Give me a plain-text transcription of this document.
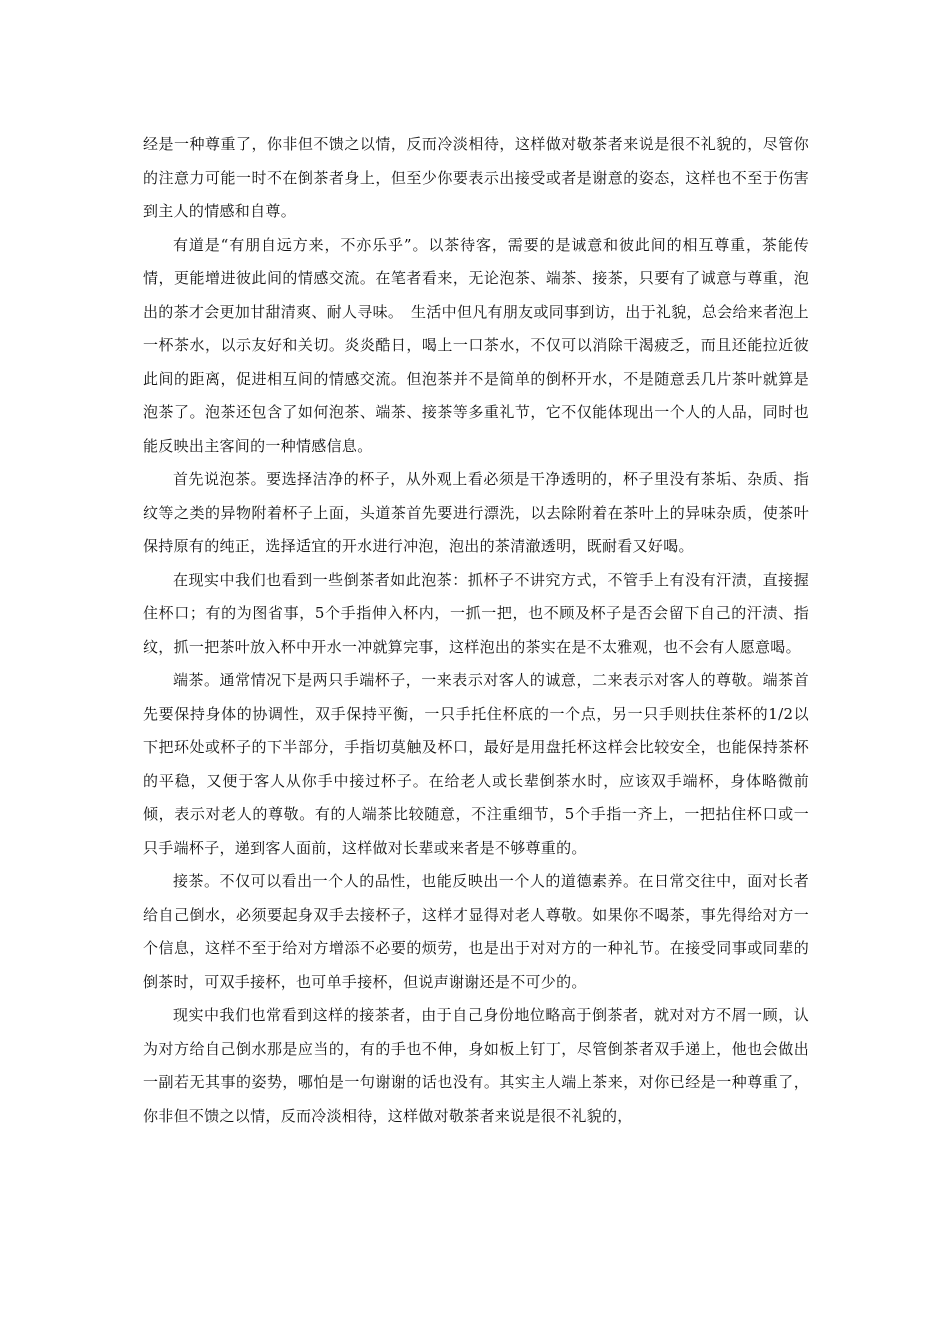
经是一种尊重了，你非但不馈之以情，反而冷淡相待，这样做对敬茶者来说是很不礼貌的，尽管你的注意力可能一时不在倒茶者身上，但至少你要表示出接受或者是谢意的姿态，这样也不至于伤害到主人的情感和自尊。

有道是“有朋自远方来，不亦乐乎”。以茶待客，需要的是诚意和彼此间的相互尊重，茶能传情，更能增进彼此间的情感交流。在笔者看来，无论泡茶、端茶、接茶，只要有了诚意与尊重，泡出的茶才会更加甘甜清爽、耐人寻味。　生活中但凡有朋友或同事到访，出于礼貌，总会给来者泡上一杯茶水，以示友好和关切。炎炎酷日，喝上一口茶水，不仅可以消除干渴疲乏，而且还能拉近彼此间的距离，促进相互间的情感交流。但泡茶并不是简单的倒杯开水，不是随意丢几片茶叶就算是泡茶了。泡茶还包含了如何泡茶、端茶、接茶等多重礼节，它不仅能体现出一个人的人品，同时也能反映出主客间的一种情感信息。

首先说泡茶。要选择洁净的杯子，从外观上看必须是干净透明的，杯子里没有茶垢、杂质、指纹等之类的异物附着杯子上面，头道茶首先要进行漂洗，以去除附着在茶叶上的异味杂质，使茶叶保持原有的纯正，选择适宜的开水进行冲泡，泡出的茶清澈透明，既耐看又好喝。

在现实中我们也看到一些倒茶者如此泡茶：抓杯子不讲究方式，不管手上有没有汗渍，直接握住杯口；有的为图省事，5个手指伸入杯内，一抓一把，也不顾及杯子是否会留下自己的汗渍、指纹，抓一把茶叶放入杯中开水一冲就算完事，这样泡出的茶实在是不太雅观，也不会有人愿意喝。

端茶。通常情况下是两只手端杯子，一来表示对客人的诚意，二来表示对客人的尊敬。端茶首先要保持身体的协调性，双手保持平衡，一只手托住杯底的一个点，另一只手则扶住茶杯的1/2以下把环处或杯子的下半部分，手指切莫触及杯口，最好是用盘托杯这样会比较安全，也能保持茶杯的平稳，又便于客人从你手中接过杯子。在给老人或长辈倒茶水时，应该双手端杯，身体略微前倾，表示对老人的尊敬。有的人端茶比较随意，不注重细节，5个手指一齐上，一把拈住杯口或一只手端杯子，递到客人面前，这样做对长辈或来者是不够尊重的。

接茶。不仅可以看出一个人的品性，也能反映出一个人的道德素养。在日常交往中，面对长者给自己倒水，必须要起身双手去接杯子，这样才显得对老人尊敬。如果你不喝茶，事先得给对方一个信息，这样不至于给对方增添不必要的烦劳，也是出于对对方的一种礼节。在接受同事或同辈的倒茶时，可双手接杯，也可单手接杯，但说声谢谢还是不可少的。

现实中我们也常看到这样的接茶者，由于自己身份地位略高于倒茶者，就对对方不屑一顾，认为对方给自己倒水那是应当的，有的手也不伸，身如板上钉丁，尽管倒茶者双手递上，他也会做出一副若无其事的姿势，哪怕是一句谢谢的话也没有。其实主人端上茶来，对你已经是一种尊重了，你非但不馈之以情，反而冷淡相待，这样做对敬茶者来说是很不礼貌的，
